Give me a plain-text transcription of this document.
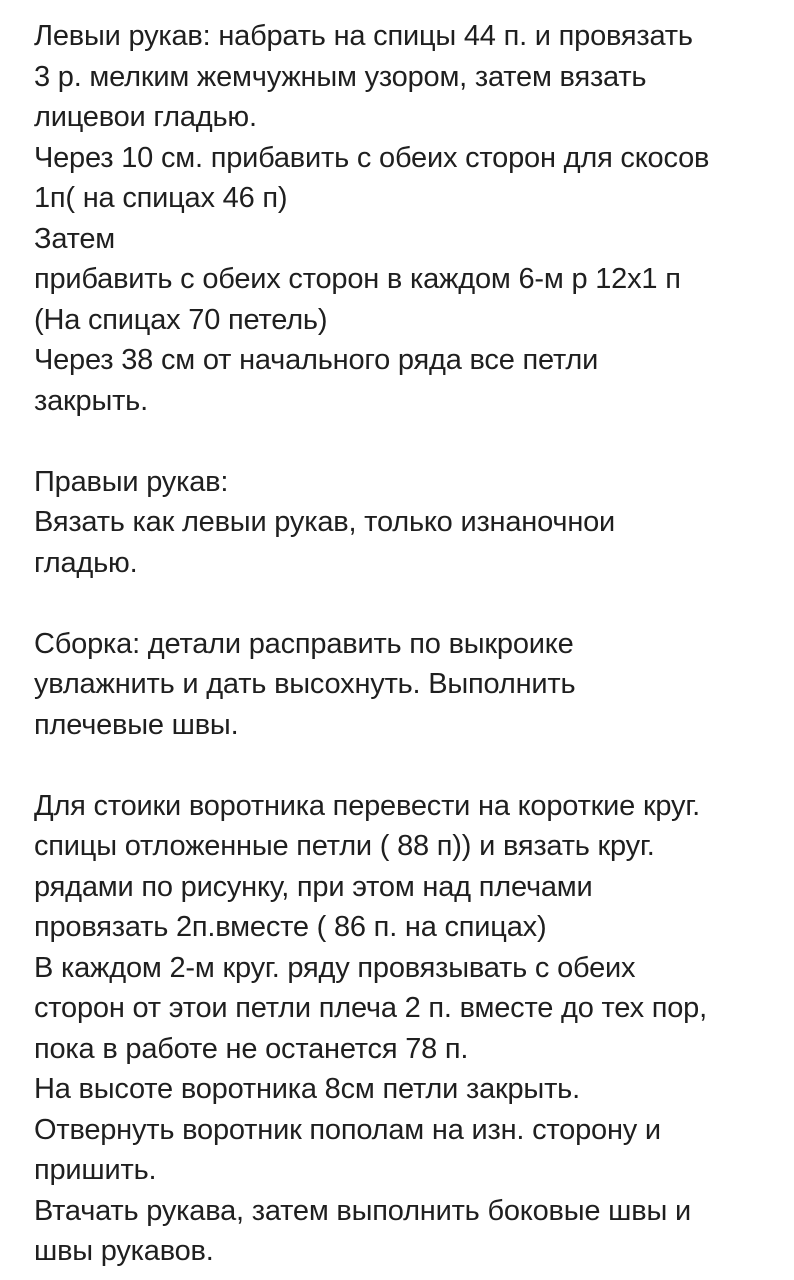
Левыи рукав: набрать на спицы 44 п. и провязать
3 р. мелким жемчужным узором, затем вязать
лицевои гладью.
Через 10 см. прибавить с обеих сторон для скосов
1п( на спицах 46 п)
Затем
прибавить с обеих сторон в каждом 6-м р 12х1 п
(На спицах 70 петель)
Через 38 см от начального ряда все петли
закрыть.

Правыи рукав:
Вязать как левыи рукав, только изнаночнои
гладью.

Сборка: детали расправить по выкроике
увлажнить и дать высохнуть. Выполнить
плечевые швы.

Для стоики воротника перевести на короткие круг.
спицы отложенные петли ( 88 п)) и вязать круг.
рядами по рисунку, при этом над плечами
провязать 2п.вместе ( 86 п. на спицах)
В каждом 2-м круг. ряду провязывать с обеих
сторон от этои петли плеча 2 п. вместе до тех пор,
пока в работе не останется 78 п.
На высоте воротника 8см петли закрыть.
Отвернуть воротник пополам на изн. сторону и
пришить.
Втачать рукава, затем выполнить боковые швы и
швы рукавов.
